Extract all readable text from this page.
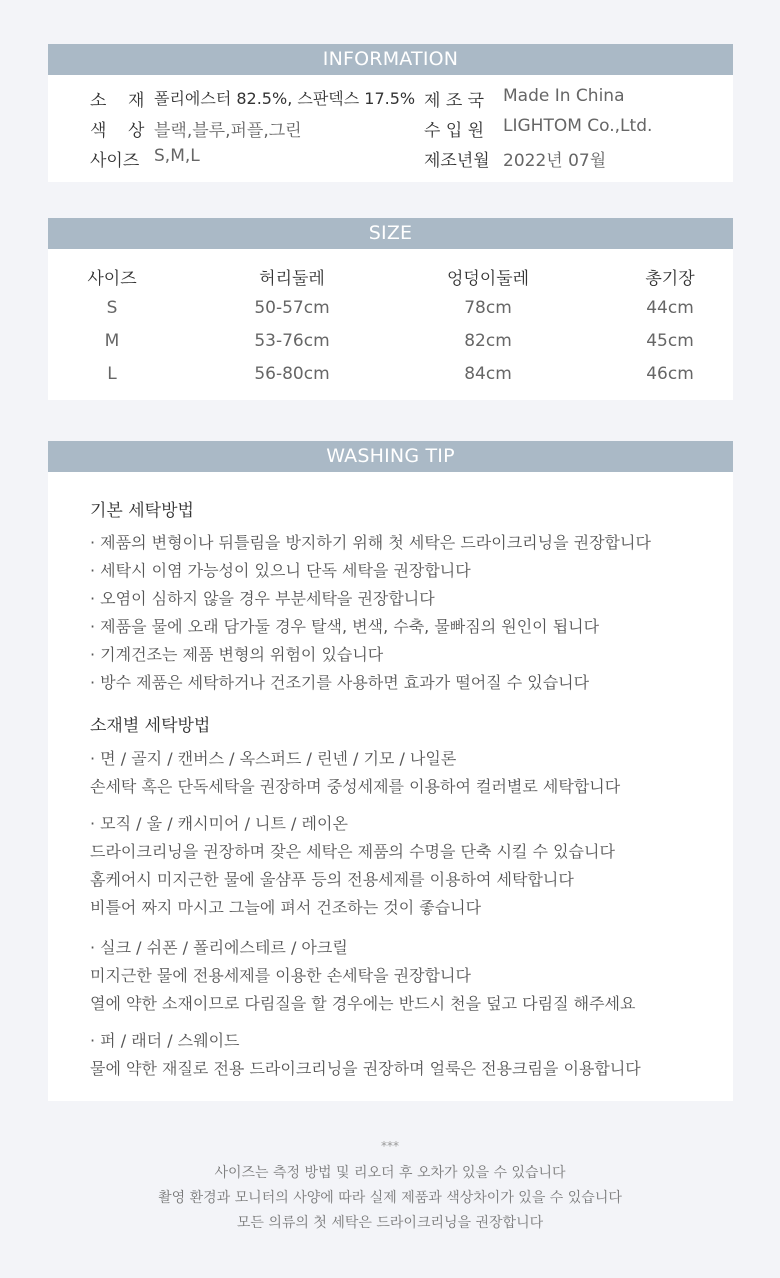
INFORMATION
소    재 폴리에스터 82.5%, 스판덱스 17.5% 제 조 국 Made In China
색    상 블랙,블루,퍼플,그린	수 입 원 LIGHTOM Co.,Ltd.
사이즈 S,M,L	제조년월 2022년 07월
SIZE
사이즈	허리둘레	엉덩이둘레	총기장
S	50-57cm	78cm	44cm
M	53-76cm	82cm	45cm
L	56-80cm	84cm	46cm
WASHING TIP
기본 세탁방법
· 제품의 변형이나 뒤틀림을 방지하기 위해 첫 세탁은 드라이크리닝을 권장합니다
· 세탁시 이염 가능성이 있으니 단독 세탁을 권장합니다
· 오염이 심하지 않을 경우 부분세탁을 권장합니다
· 제품을 물에 오래 담가둘 경우 탈색, 변색, 수축, 물빠짐의 원인이 됩니다
· 기계건조는 제품 변형의 위험이 있습니다
· 방수 제품은 세탁하거나 건조기를 사용하면 효과가 떨어질 수 있습니다
소재별 세탁방법
· 면 / 골지 / 캔버스 / 옥스퍼드 / 린넨 / 기모 / 나일론
손세탁 혹은 단독세탁을 권장하며 중성세제를 이용하여 컬러별로 세탁합니다
· 모직 / 울 / 캐시미어 / 니트 / 레이온
드라이크리닝을 권장하며 잦은 세탁은 제품의 수명을 단축 시킬 수 있습니다
홈케어시 미지근한 물에 울샴푸 등의 전용세제를 이용하여 세탁합니다
비틀어 짜지 마시고 그늘에 펴서 건조하는 것이 좋습니다
· 실크 / 쉬폰 / 폴리에스테르 / 아크릴
미지근한 물에 전용세제를 이용한 손세탁을 권장합니다
열에 약한 소재이므로 다림질을 할 경우에는 반드시 천을 덮고 다림질 해주세요
· 퍼 / 래더 / 스웨이드
물에 약한 재질로 전용 드라이크리닝을 권장하며 얼룩은 전용크림을 이용합니다
***
사이즈는 측정 방법 및 리오더 후 오차가 있을 수 있습니다
촬영 환경과 모니터의 사양에 따라 실제 제품과 색상차이가 있을 수 있습니다
모든 의류의 첫 세탁은 드라이크리닝을 권장합니다
